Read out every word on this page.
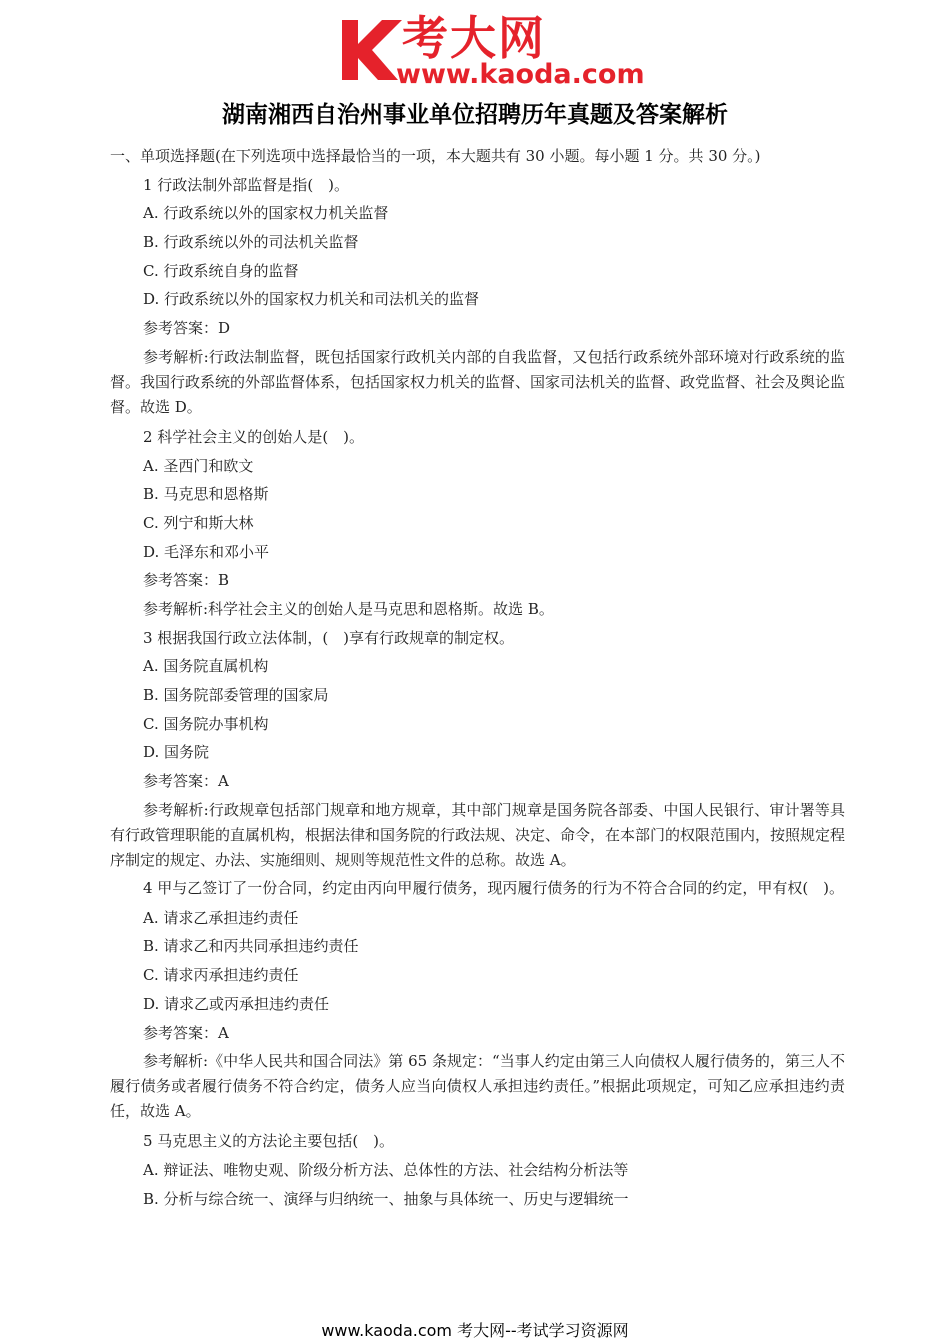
考大网
www.kaoda.com
湖南湘西自治州事业单位招聘历年真题及答案解析
一、单项选择题(在下列选项中选择最恰当的一项，本大题共有 30 小题。每小题 1 分。共 30 分。)
1 行政法制外部监督是指(　)。
A. 行政系统以外的国家权力机关监督
B. 行政系统以外的司法机关监督
C. 行政系统自身的监督
D. 行政系统以外的国家权力机关和司法机关的监督
参考答案：D
参考解析:行政法制监督，既包括国家行政机关内部的自我监督，又包括行政系统外部环境对行政系统的监督。我国行政系统的外部监督体系，包括国家权力机关的监督、国家司法机关的监督、政党监督、社会及舆论监督。故选 D。
2 科学社会主义的创始人是(　)。
A. 圣西门和欧文
B. 马克思和恩格斯
C. 列宁和斯大林
D. 毛泽东和邓小平
参考答案：B
参考解析:科学社会主义的创始人是马克思和恩格斯。故选 B。
3 根据我国行政立法体制，(　)享有行政规章的制定权。
A. 国务院直属机构
B. 国务院部委管理的国家局
C. 国务院办事机构
D. 国务院
参考答案：A
参考解析:行政规章包括部门规章和地方规章，其中部门规章是国务院各部委、中国人民银行、审计署等具有行政管理职能的直属机构，根据法律和国务院的行政法规、决定、命令，在本部门的权限范围内，按照规定程序制定的规定、办法、实施细则、规则等规范性文件的总称。故选 A。
4 甲与乙签订了一份合同，约定由丙向甲履行债务，现丙履行债务的行为不符合合同的约定，甲有权(　)。
A. 请求乙承担违约责任
B. 请求乙和丙共同承担违约责任
C. 请求丙承担违约责任
D. 请求乙或丙承担违约责任
参考答案：A
参考解析:《中华人民共和国合同法》第 65 条规定：“当事人约定由第三人向债权人履行债务的，第三人不履行债务或者履行债务不符合约定，债务人应当向债权人承担违约责任。”根据此项规定，可知乙应承担违约责任，故选 A。
5 马克思主义的方法论主要包括(　)。
A. 辩证法、唯物史观、阶级分析方法、总体性的方法、社会结构分析法等
B. 分析与综合统一、演绎与归纳统一、抽象与具体统一、历史与逻辑统一
www.kaoda.com 考大网--考试学习资源网
